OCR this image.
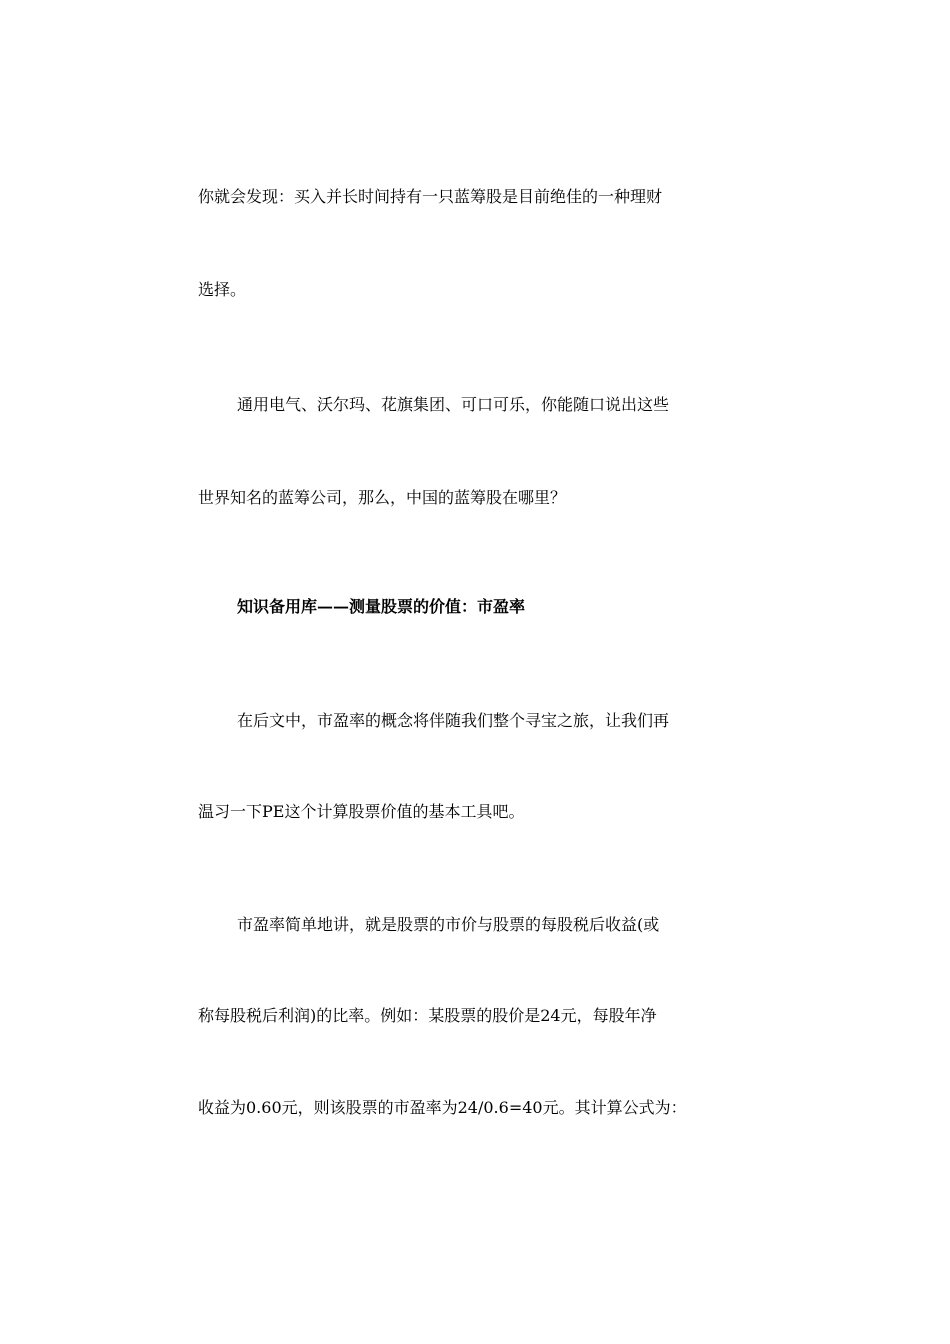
你就会发现：买入并长时间持有一只蓝筹股是目前绝佳的一种理财
选择。
通用电气、沃尔玛、花旗集团、可口可乐，你能随口说出这些
世界知名的蓝筹公司，那么，中国的蓝筹股在哪里？
知识备用库——测量股票的价值：市盈率
在后文中，市盈率的概念将伴随我们整个寻宝之旅，让我们再
温习一下PE这个计算股票价值的基本工具吧。
市盈率简单地讲，就是股票的市价与股票的每股税后收益(或
称每股税后利润)的比率。例如：某股票的股价是24元，每股年净
收益为0.60元，则该股票的市盈率为24/0.6=40元。其计算公式为：
